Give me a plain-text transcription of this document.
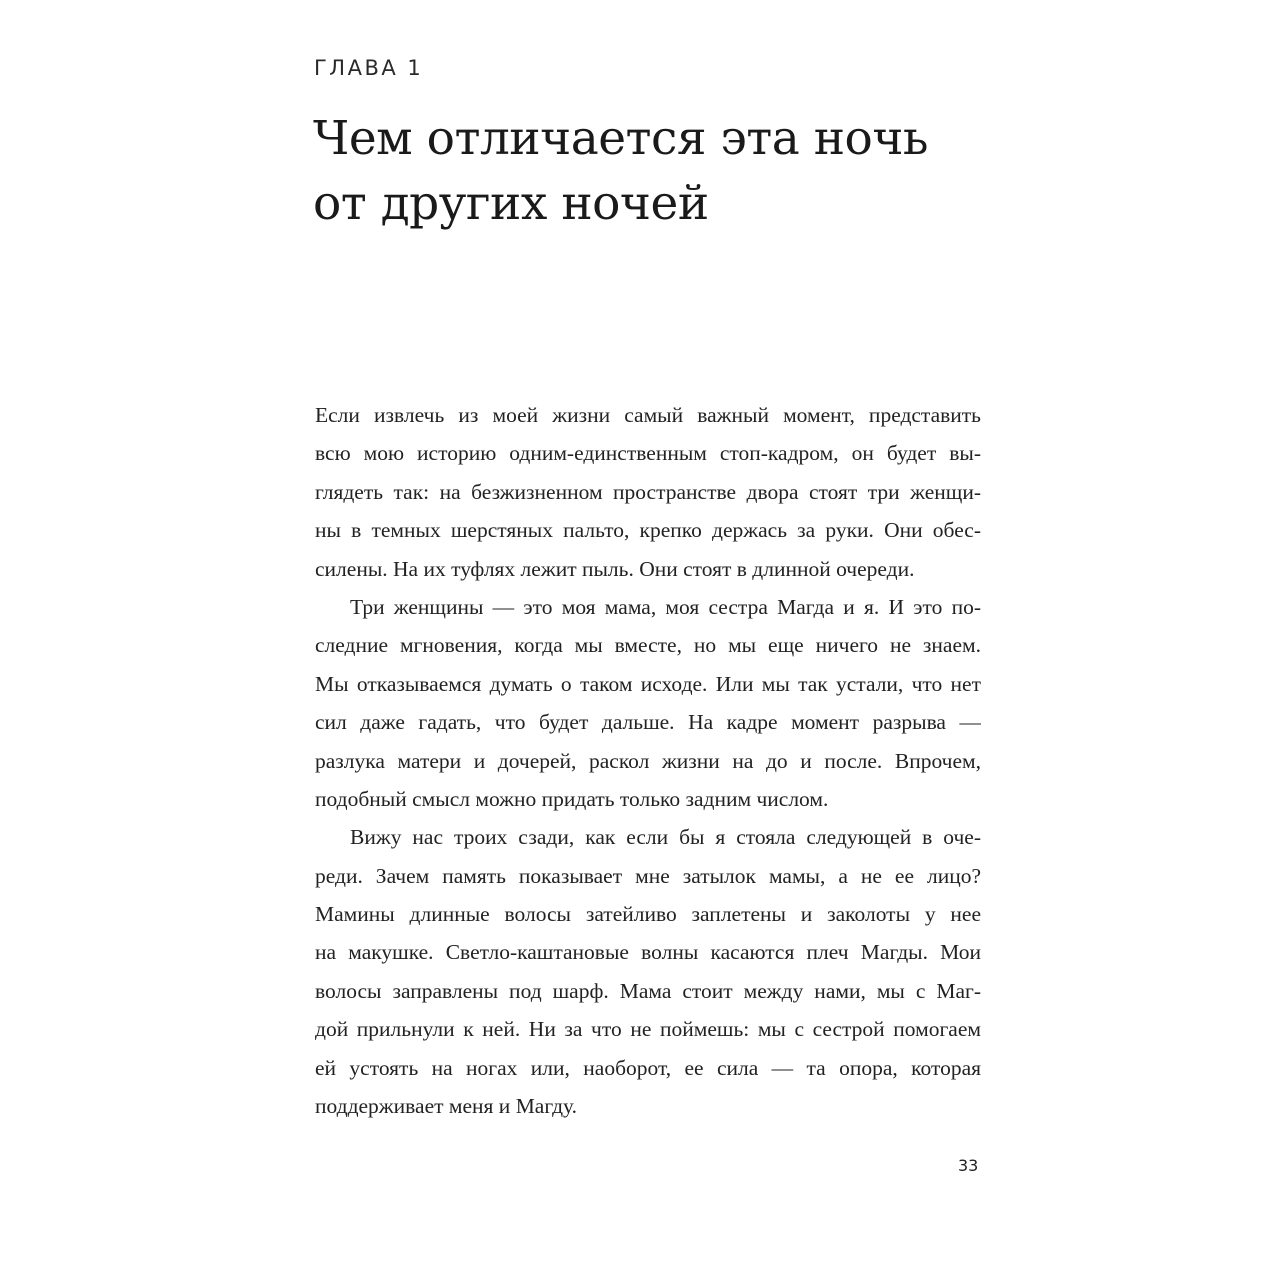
ГЛАВА 1
Чем отличается эта ночь
от других ночей
Если извлечь из моей жизни самый важный момент, представить
всю мою историю одним-единственным стоп-кадром, он будет вы-
глядеть так: на безжизненном пространстве двора стоят три женщи-
ны в темных шерстяных пальто, крепко держась за руки. Они обес-
силены. На их туфлях лежит пыль. Они стоят в длинной очереди.
Три женщины — это моя мама, моя сестра Магда и я. И это по-
следние мгновения, когда мы вместе, но мы еще ничего не знаем.
Мы отказываемся думать о таком исходе. Или мы так устали, что нет
сил даже гадать, что будет дальше. На кадре момент разрыва —
разлука матери и дочерей, раскол жизни на до и после. Впрочем,
подобный смысл можно придать только задним числом.
Вижу нас троих сзади, как если бы я стояла следующей в оче-
реди. Зачем память показывает мне затылок мамы, а не ее лицо?
Мамины длинные волосы затейливо заплетены и заколоты у нее
на макушке. Светло-каштановые волны касаются плеч Магды. Мои
волосы заправлены под шарф. Мама стоит между нами, мы с Маг-
дой прильнули к ней. Ни за что не поймешь: мы с сестрой помогаем
ей устоять на ногах или, наоборот, ее сила — та опора, которая
поддерживает меня и Магду.
33
